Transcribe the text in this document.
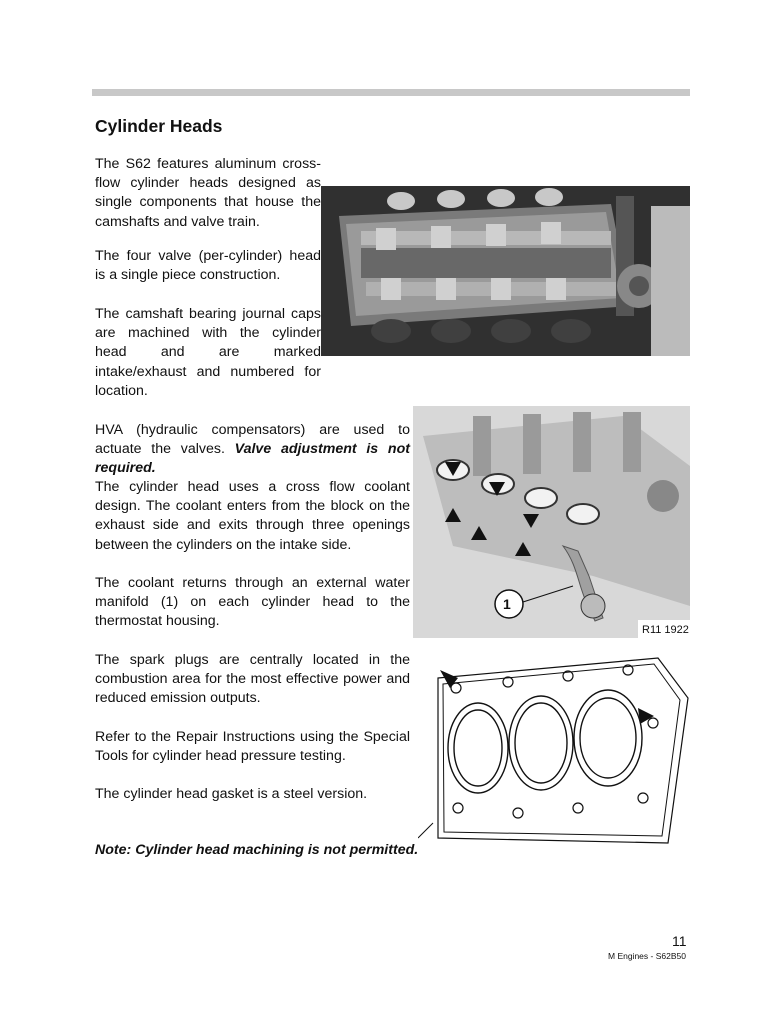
Cylinder Heads

The S62 features aluminum cross-flow cylinder heads designed as single components that house the camshafts and valve train.

The four valve (per-cylinder) head is a single piece construction.

The camshaft bearing journal caps are machined with the cylinder head and are marked intake/exhaust and numbered for location.

HVA (hydraulic compensators) are used to actuate the valves. Valve adjustment is not required.

The cylinder head uses a cross flow coolant design. The coolant enters from the block on the exhaust side and exits through three openings between the cylinders on the intake side.

The coolant returns through an external water manifold (1) on each cylinder head to the thermostat housing.

The spark plugs are centrally located in the combustion area for the most effective power and reduced emission outputs.

Refer to the Repair Instructions using the Special Tools for cylinder head pressure testing.

The cylinder head gasket is a steel version.

Note: Cylinder head machining is not permitted.
1
R11 1922
11
M Engines - S62B50
